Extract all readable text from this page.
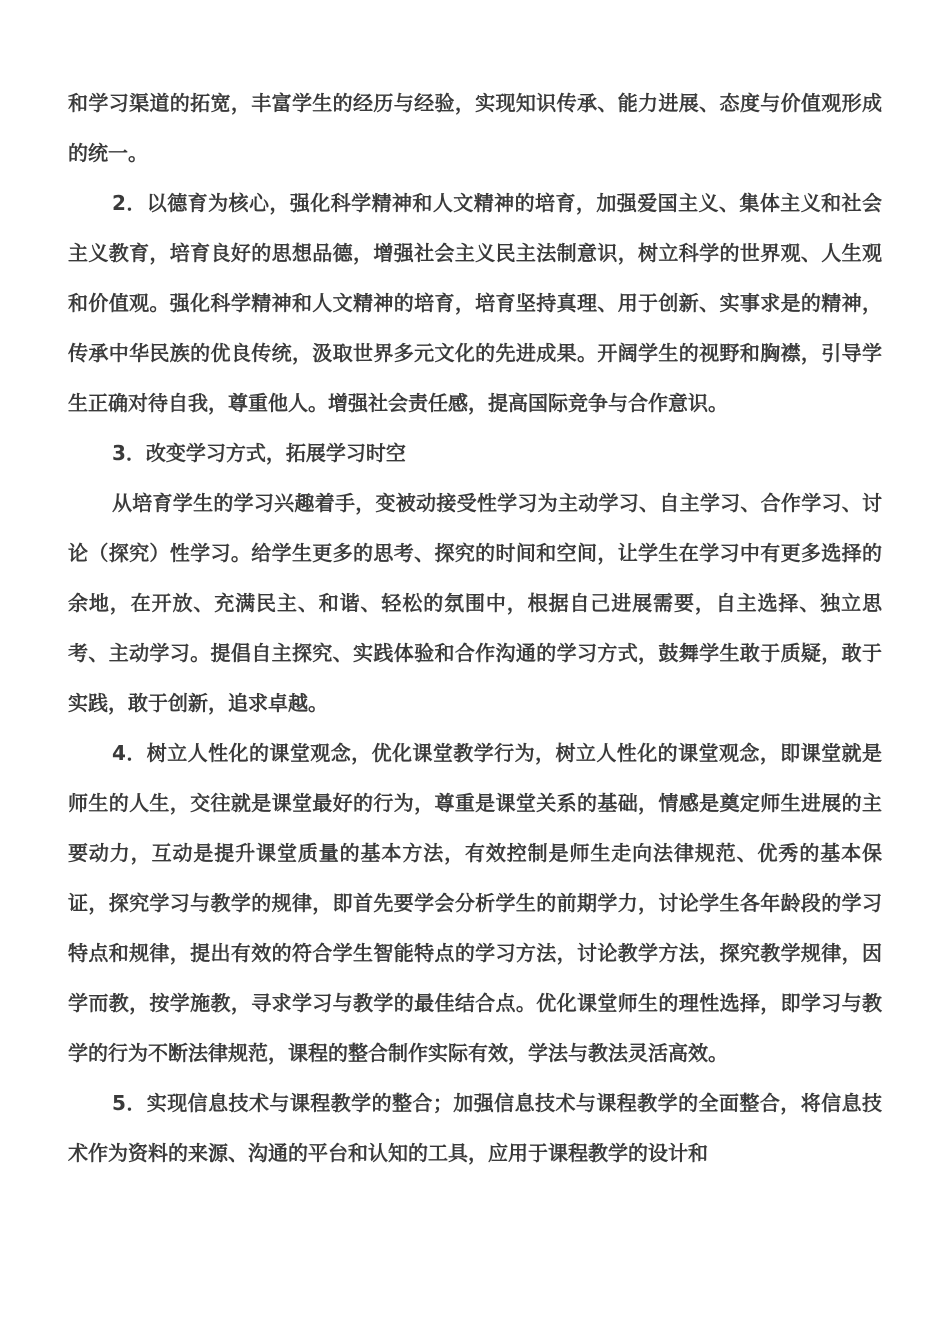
和学习渠道的拓宽，丰富学生的经历与经验，实现知识传承、能力进展、态度与价值观形成的统一。

2．以德育为核心，强化科学精神和人文精神的培育，加强爱国主义、集体主义和社会主义教育，培育良好的思想品德，增强社会主义民主法制意识，树立科学的世界观、人生观和价值观。强化科学精神和人文精神的培育，培育坚持真理、用于创新、实事求是的精神，传承中华民族的优良传统，汲取世界多元文化的先进成果。开阔学生的视野和胸襟，引导学生正确对待自我，尊重他人。增强社会责任感，提高国际竞争与合作意识。

3．改变学习方式，拓展学习时空

从培育学生的学习兴趣着手，变被动接受性学习为主动学习、自主学习、合作学习、讨论（探究）性学习。给学生更多的思考、探究的时间和空间，让学生在学习中有更多选择的余地，在开放、充满民主、和谐、轻松的氛围中，根据自己进展需要，自主选择、独立思考、主动学习。提倡自主探究、实践体验和合作沟通的学习方式，鼓舞学生敢于质疑，敢于实践，敢于创新，追求卓越。

4．树立人性化的课堂观念，优化课堂教学行为，树立人性化的课堂观念，即课堂就是师生的人生，交往就是课堂最好的行为，尊重是课堂关系的基础，情感是奠定师生进展的主要动力，互动是提升课堂质量的基本方法，有效控制是师生走向法律规范、优秀的基本保证，探究学习与教学的规律，即首先要学会分析学生的前期学力，讨论学生各年龄段的学习特点和规律，提出有效的符合学生智能特点的学习方法，讨论教学方法，探究教学规律，因学而教，按学施教，寻求学习与教学的最佳结合点。优化课堂师生的理性选择，即学习与教学的行为不断法律规范，课程的整合制作实际有效，学法与教法灵活高效。

5．实现信息技术与课程教学的整合；加强信息技术与课程教学的全面整合，将信息技术作为资料的来源、沟通的平台和认知的工具，应用于课程教学的设计和
